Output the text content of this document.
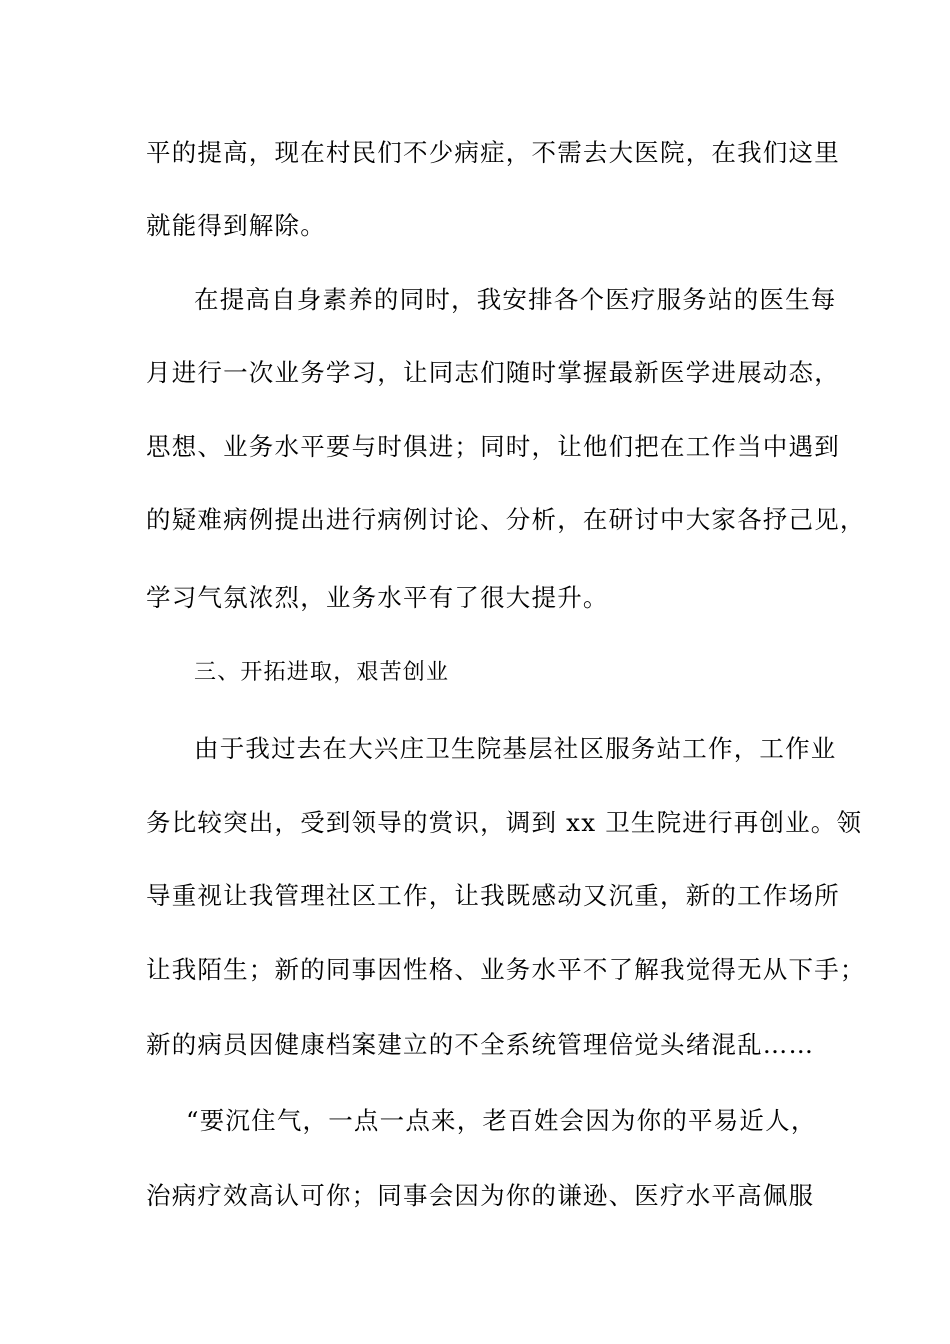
平的提高，现在村民们不少病症，不需去大医院，在我们这里
就能得到解除。
在提高自身素养的同时，我安排各个医疗服务站的医生每
月进行一次业务学习，让同志们随时掌握最新医学进展动态，
思想、业务水平要与时俱进；同时，让他们把在工作当中遇到
的疑难病例提出进行病例讨论、分析，在研讨中大家各抒己见，
学习气氛浓烈，业务水平有了很大提升。
三、开拓进取，艰苦创业
由于我过去在大兴庄卫生院基层社区服务站工作，工作业
务比较突出，受到领导的赏识，调到 xx 卫生院进行再创业。领
导重视让我管理社区工作，让我既感动又沉重，新的工作场所
让我陌生；新的同事因性格、业务水平不了解我觉得无从下手；
新的病员因健康档案建立的不全系统管理倍觉头绪混乱……
“要沉住气，一点一点来，老百姓会因为你的平易近人，
治病疗效高认可你；同事会因为你的谦逊、医疗水平高佩服
